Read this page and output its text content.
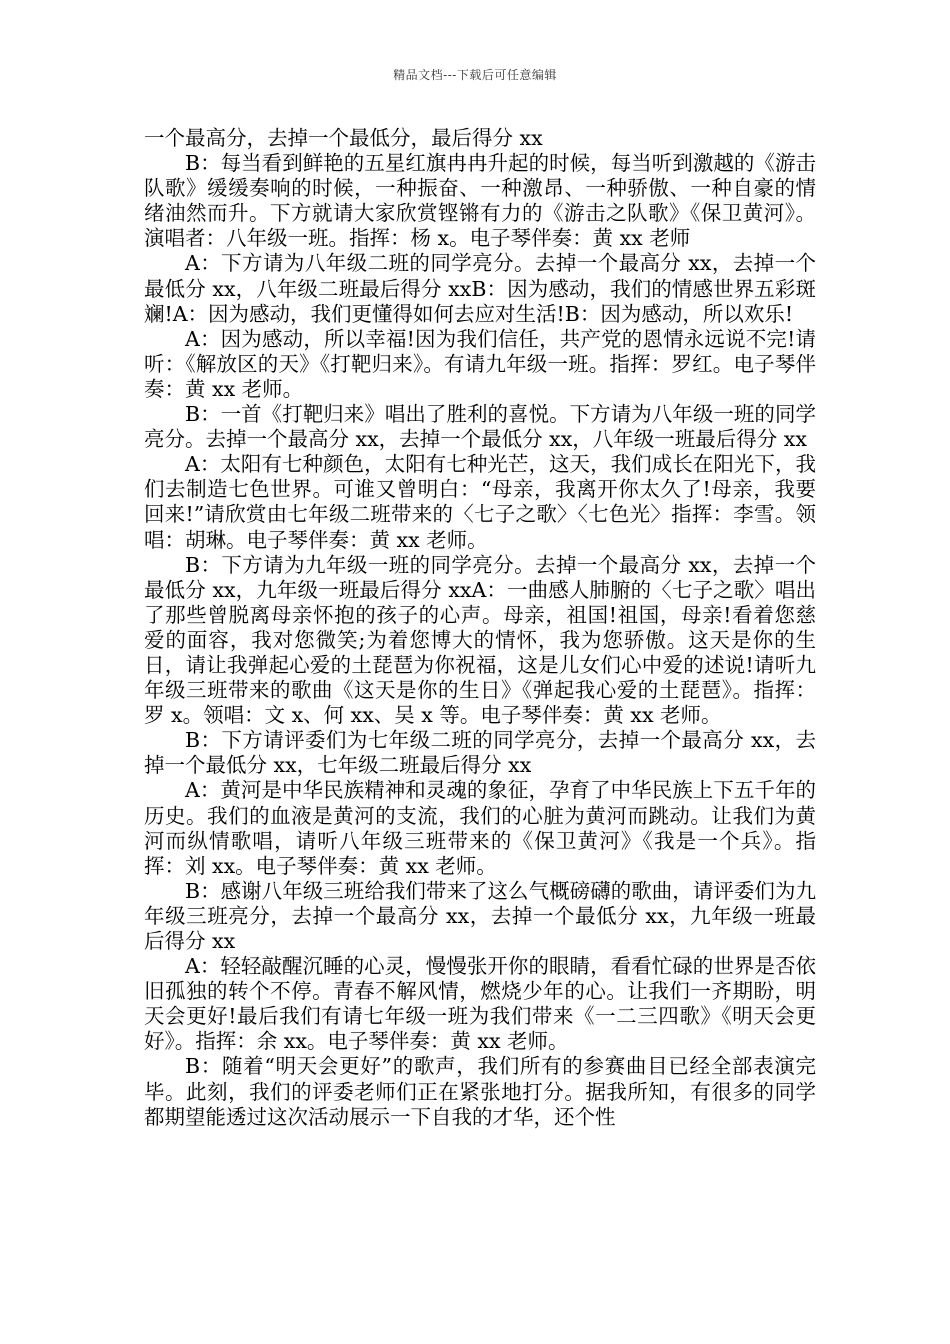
精品文档---下载后可任意编辑

一个最高分，去掉一个最低分，最后得分 xx

B：每当看到鲜艳的五星红旗冉冉升起的时候，每当听到激越的《游击队歌》缓缓奏响的时候，一种振奋、一种激昂、一种骄傲、一种自豪的情绪油然而升。下方就请大家欣赏铿锵有力的《游击之队歌》《保卫黄河》。演唱者：八年级一班。指挥：杨 x。电子琴伴奏：黄 xx 老师

A：下方请为八年级二班的同学亮分。去掉一个最高分 xx，去掉一个最低分 xx，八年级二班最后得分 xxB：因为感动，我们的情感世界五彩斑斓!A：因为感动，我们更懂得如何去应对生活!B：因为感动，所以欢乐!

A：因为感动，所以幸福!因为我们信任，共产党的恩情永远说不完!请听：《解放区的天》《打靶归来》。有请九年级一班。指挥：罗红。电子琴伴奏：黄 xx 老师。

B：一首《打靶归来》唱出了胜利的喜悦。下方请为八年级一班的同学亮分。去掉一个最高分 xx，去掉一个最低分 xx，八年级一班最后得分 xx

A：太阳有七种颜色，太阳有七种光芒，这天，我们成长在阳光下，我们去制造七色世界。可谁又曾明白：“母亲，我离开你太久了!母亲，我要回来!”请欣赏由七年级二班带来的〈七子之歌〉〈七色光〉指挥：李雪。领唱：胡琳。电子琴伴奏：黄 xx 老师。

B：下方请为九年级一班的同学亮分。去掉一个最高分 xx，去掉一个最低分 xx，九年级一班最后得分 xxA：一曲感人肺腑的〈七子之歌〉唱出了那些曾脱离母亲怀抱的孩子的心声。母亲，祖国!祖国，母亲!看着您慈爱的面容，我对您微笑;为着您博大的情怀，我为您骄傲。这天是你的生日，请让我弹起心爱的土琵琶为你祝福，这是儿女们心中爱的述说!请听九年级三班带来的歌曲《这天是你的生日》《弹起我心爱的土琵琶》。指挥：罗 x。领唱：文 x、何 xx、吴 x 等。电子琴伴奏：黄 xx 老师。

B：下方请评委们为七年级二班的同学亮分，去掉一个最高分 xx，去掉一个最低分 xx，七年级二班最后得分 xx

A：黄河是中华民族精神和灵魂的象征，孕育了中华民族上下五千年的历史。我们的血液是黄河的支流，我们的心脏为黄河而跳动。让我们为黄河而纵情歌唱，请听八年级三班带来的《保卫黄河》《我是一个兵》。指挥：刘 xx。电子琴伴奏：黄 xx 老师。

B：感谢八年级三班给我们带来了这么气概磅礴的歌曲，请评委们为九年级三班亮分，去掉一个最高分 xx，去掉一个最低分 xx，九年级一班最后得分 xx

A：轻轻敲醒沉睡的心灵，慢慢张开你的眼睛，看看忙碌的世界是否依旧孤独的转个不停。青春不解风情，燃烧少年的心。让我们一齐期盼，明天会更好!最后我们有请七年级一班为我们带来《一二三四歌》《明天会更好》。指挥：余 xx。电子琴伴奏：黄 xx 老师。

B：随着“明天会更好”的歌声，我们所有的参赛曲目已经全部表演完毕。此刻，我们的评委老师们正在紧张地打分。据我所知，有很多的同学都期望能透过这次活动展示一下自我的才华，还个性
